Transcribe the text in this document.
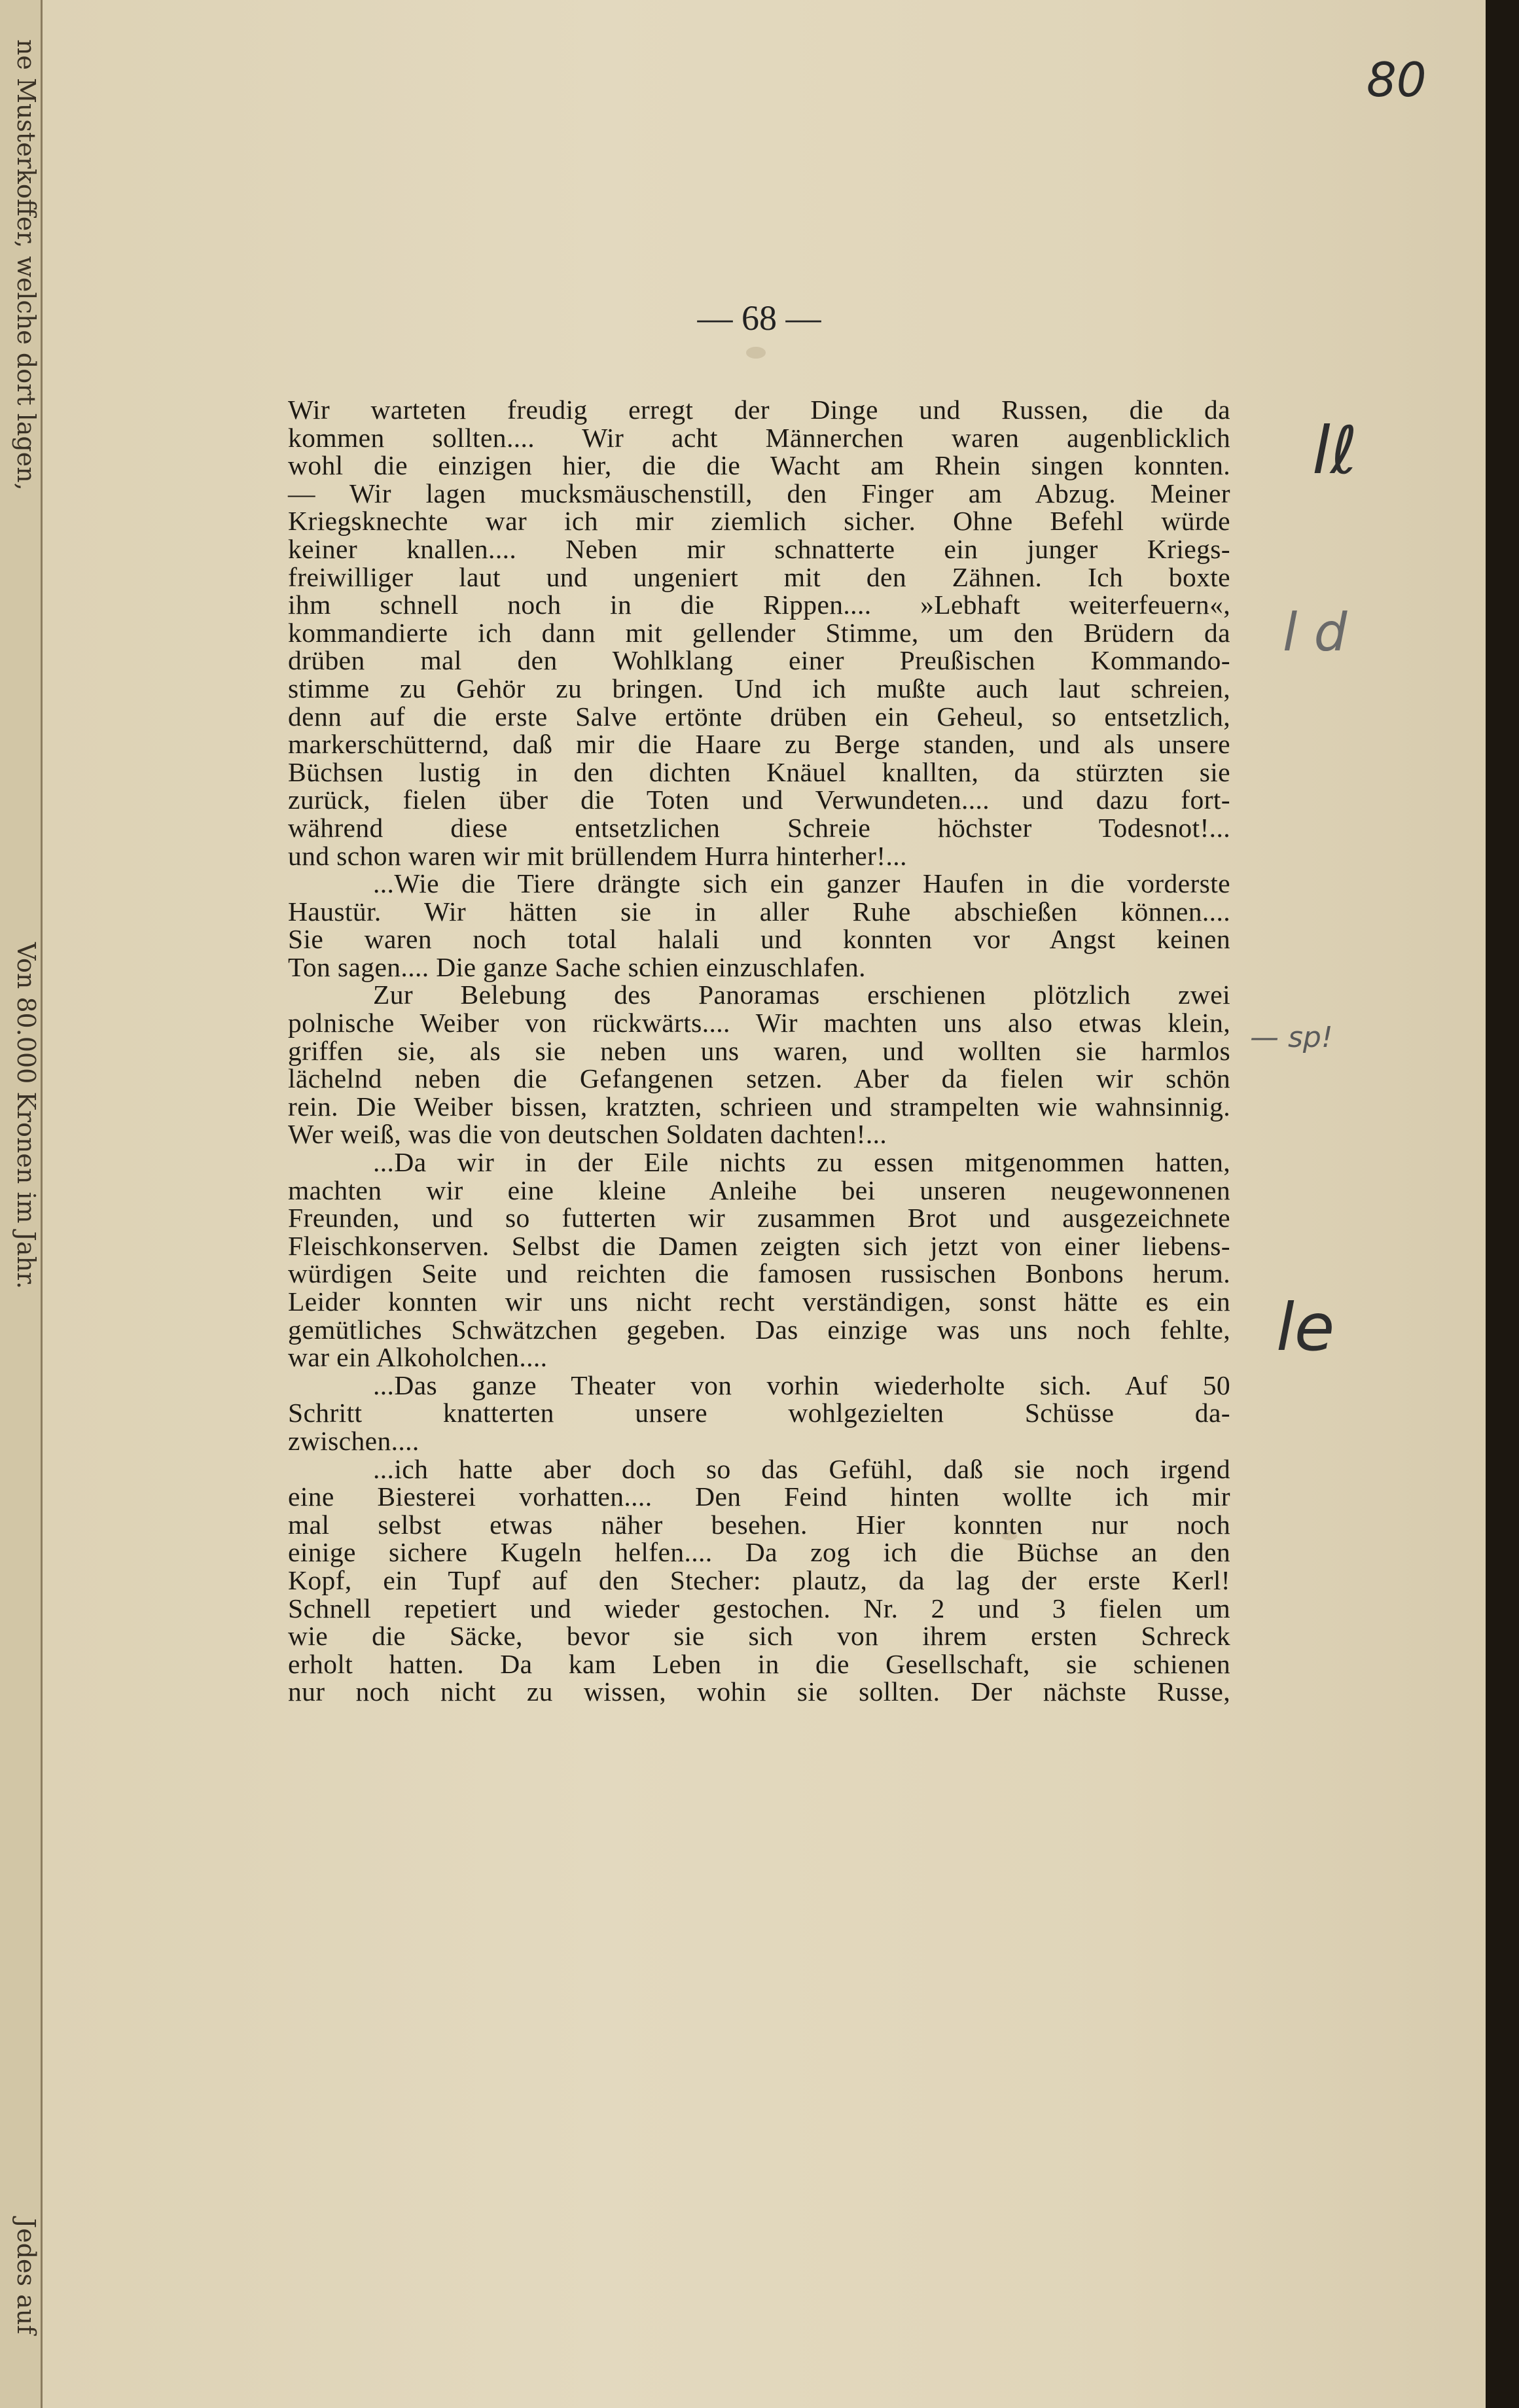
ne Musterkoffer, welche dort lagen,
Von 80.000 Kronen im Jahr.
Jedes auf
80
— 68 —
lℓ
l d
— sp!
le
Wir warteten freudig erregt der Dinge und Russen, die da
kommen sollten.... Wir acht Männerchen waren augenblicklich
wohl die einzigen hier, die die Wacht am Rhein singen konnten.
— Wir lagen mucksmäuschenstill, den Finger am Abzug. Meiner
Kriegsknechte war ich mir ziemlich sicher. Ohne Befehl würde
keiner knallen.... Neben mir schnatterte ein junger Kriegs-
freiwilliger laut und ungeniert mit den Zähnen. Ich boxte
ihm schnell noch in die Rippen.... »Lebhaft weiterfeuern«,
kommandierte ich dann mit gellender Stimme, um den Brüdern da
drüben mal den Wohlklang einer Preußischen Kommando-
stimme zu Gehör zu bringen. Und ich mußte auch laut schreien,
denn auf die erste Salve ertönte drüben ein Geheul, so entsetzlich,
markerschütternd, daß mir die Haare zu Berge standen, und als unsere
Büchsen lustig in den dichten Knäuel knallten, da stürzten sie
zurück, fielen über die Toten und Verwundeten.... und dazu fort-
während diese entsetzlichen Schreie höchster Todesnot!...
und schon waren wir mit brüllendem Hurra hinterher!...
...Wie die Tiere drängte sich ein ganzer Haufen in die vorderste
Haustür. Wir hätten sie in aller Ruhe abschießen können....
Sie waren noch total halali und konnten vor Angst keinen
Ton sagen.... Die ganze Sache schien einzuschlafen.
Zur Belebung des Panoramas erschienen plötzlich zwei
polnische Weiber von rückwärts.... Wir machten uns also etwas klein,
griffen sie, als sie neben uns waren, und wollten sie harmlos
lächelnd neben die Gefangenen setzen. Aber da fielen wir schön
rein. Die Weiber bissen, kratzten, schrieen und strampelten wie wahnsinnig.
Wer weiß, was die von deutschen Soldaten dachten!...
...Da wir in der Eile nichts zu essen mitgenommen hatten,
machten wir eine kleine Anleihe bei unseren neugewonnenen
Freunden, und so futterten wir zusammen Brot und ausgezeichnete
Fleischkonserven. Selbst die Damen zeigten sich jetzt von einer liebens-
würdigen Seite und reichten die famosen russischen Bonbons herum.
Leider konnten wir uns nicht recht verständigen, sonst hätte es ein
gemütliches Schwätzchen gegeben. Das einzige was uns noch fehlte,
war ein Alkoholchen....
...Das ganze Theater von vorhin wiederholte sich. Auf 50
Schritt knatterten unsere wohlgezielten Schüsse da-
zwischen....
...ich hatte aber doch so das Gefühl, daß sie noch irgend
eine Biesterei vorhatten.... Den Feind hinten wollte ich mir
mal selbst etwas näher besehen. Hier konnten nur noch
einige sichere Kugeln helfen.... Da zog ich die Büchse an den
Kopf, ein Tupf auf den Stecher: plautz, da lag der erste Kerl!
Schnell repetiert und wieder gestochen. Nr. 2 und 3 fielen um
wie die Säcke, bevor sie sich von ihrem ersten Schreck
erholt hatten. Da kam Leben in die Gesellschaft, sie schienen
nur noch nicht zu wissen, wohin sie sollten. Der nächste Russe,
